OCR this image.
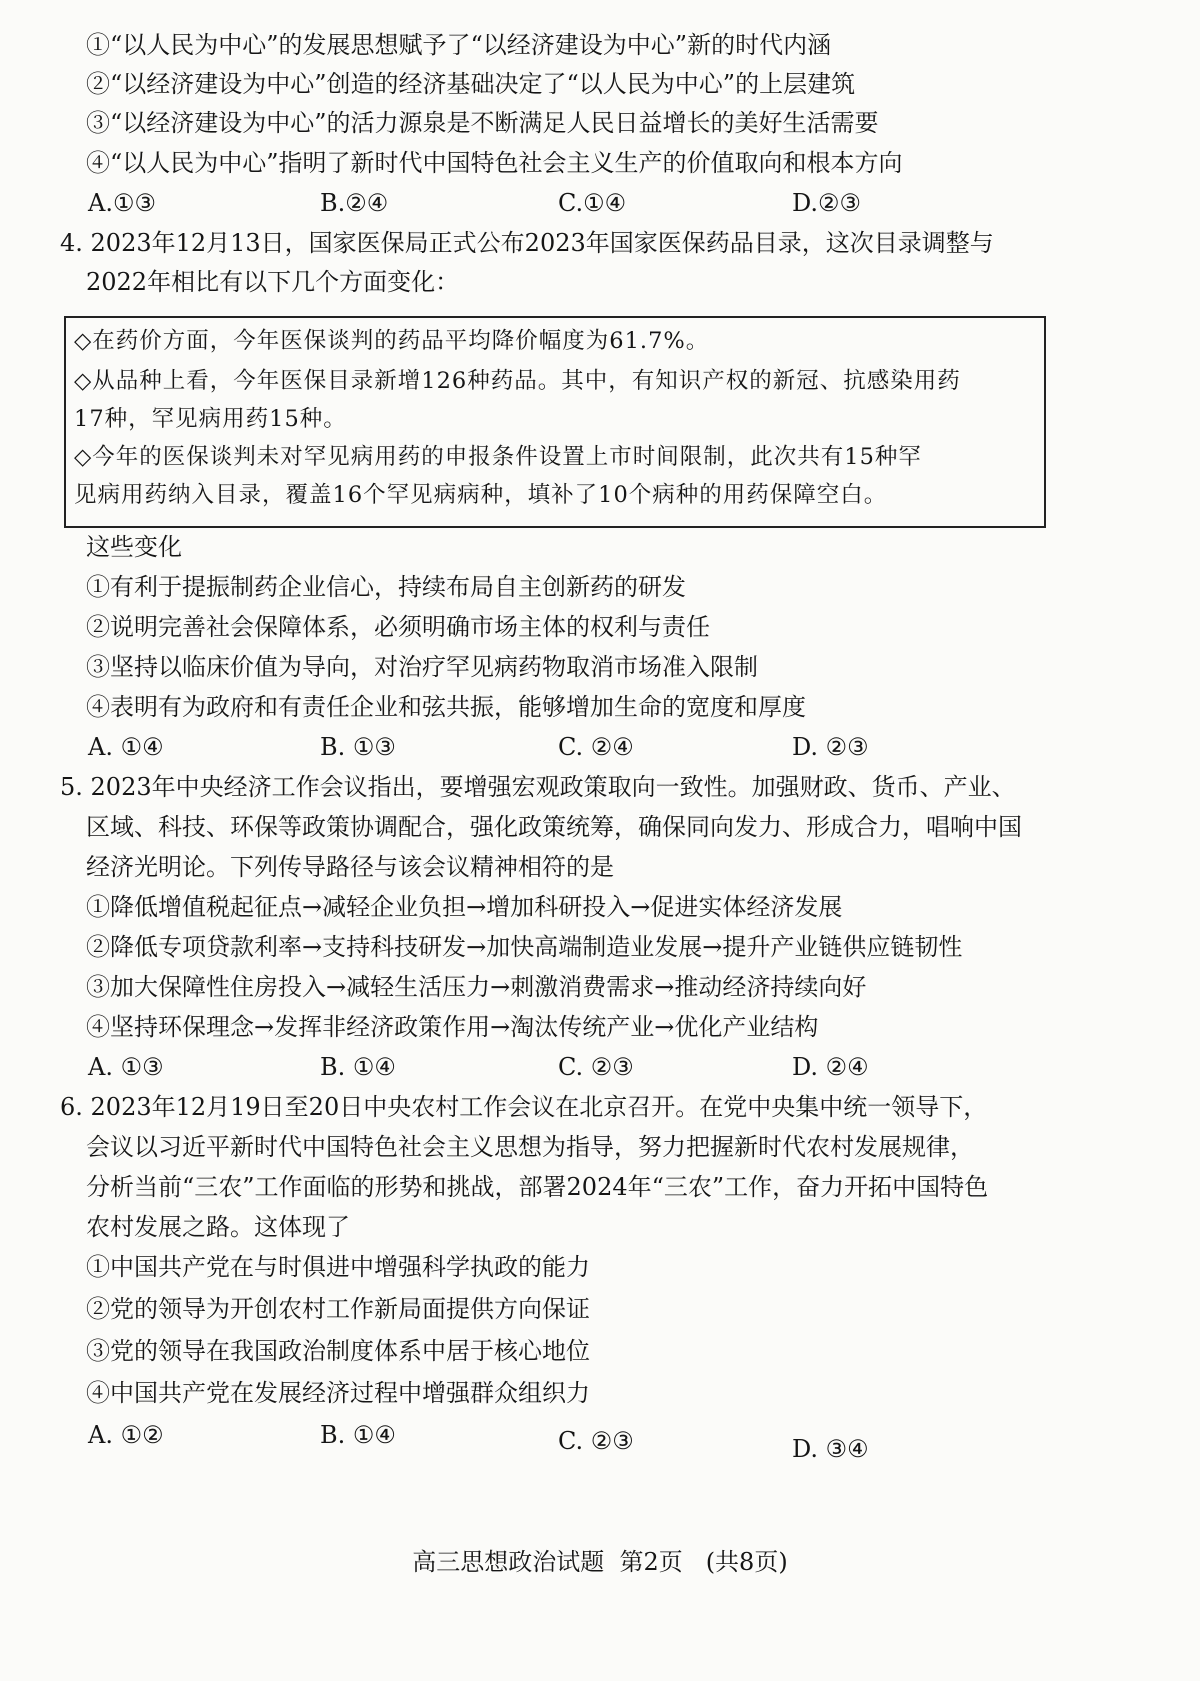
①“以人民为中心”的发展思想赋予了“以经济建设为中心”新的时代内涵
②“以经济建设为中心”创造的经济基础决定了“以人民为中心”的上层建筑
③“以经济建设为中心”的活力源泉是不断满足人民日益增长的美好生活需要
④“以人民为中心”指明了新时代中国特色社会主义生产的价值取向和根本方向
A.①③	B.②④	C.①④	D.②③
4. 2023年12月13日，国家医保局正式公布2023年国家医保药品目录，这次目录调整与
2022年相比有以下几个方面变化：
◇在药价方面，今年医保谈判的药品平均降价幅度为61.7%。
◇从品种上看，今年医保目录新增126种药品。其中，有知识产权的新冠、抗感染用药
17种，罕见病用药15种。
◇今年的医保谈判未对罕见病用药的申报条件设置上市时间限制，此次共有15种罕
见病用药纳入目录，覆盖16个罕见病病种，填补了10个病种的用药保障空白。
这些变化
①有利于提振制药企业信心，持续布局自主创新药的研发
②说明完善社会保障体系，必须明确市场主体的权利与责任
③坚持以临床价值为导向，对治疗罕见病药物取消市场准入限制
④表明有为政府和有责任企业和弦共振，能够增加生命的宽度和厚度
A. ①④	B. ①③	C. ②④	D. ②③
5. 2023年中央经济工作会议指出，要增强宏观政策取向一致性。加强财政、货币、产业、
区域、科技、环保等政策协调配合，强化政策统筹，确保同向发力、形成合力，唱响中国
经济光明论。下列传导路径与该会议精神相符的是
①降低增值税起征点→减轻企业负担→增加科研投入→促进实体经济发展
②降低专项贷款利率→支持科技研发→加快高端制造业发展→提升产业链供应链韧性
③加大保障性住房投入→减轻生活压力→刺激消费需求→推动经济持续向好
④坚持环保理念→发挥非经济政策作用→淘汰传统产业→优化产业结构
A. ①③	B. ①④	C. ②③	D. ②④
6. 2023年12月19日至20日中央农村工作会议在北京召开。在党中央集中统一领导下，
会议以习近平新时代中国特色社会主义思想为指导，努力把握新时代农村发展规律，
分析当前“三农”工作面临的形势和挑战，部署2024年“三农”工作，奋力开拓中国特色
农村发展之路。这体现了
①中国共产党在与时俱进中增强科学执政的能力
②党的领导为开创农村工作新局面提供方向保证
③党的领导在我国政治制度体系中居于核心地位
④中国共产党在发展经济过程中增强群众组织力
A. ①②	B. ①④	C. ②③	D. ③④
高三思想政治试题  第2页   (共8页)
